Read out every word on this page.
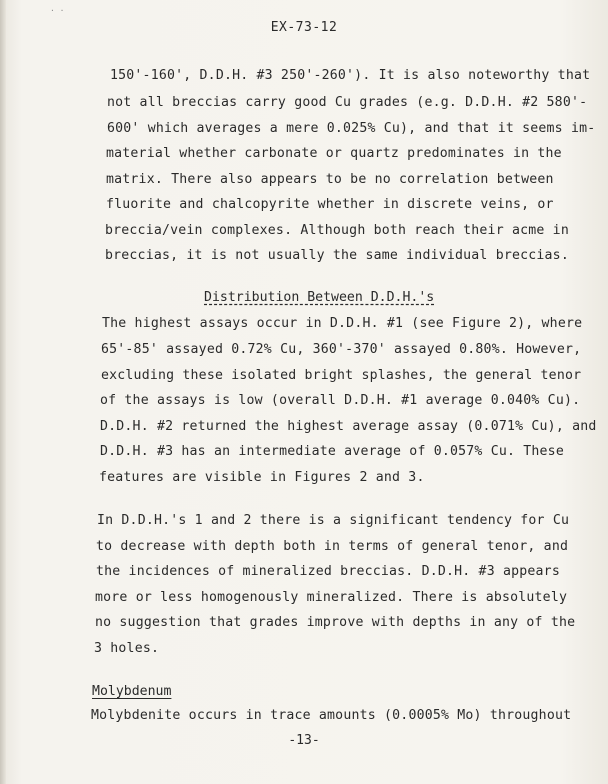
· ·
EX-73-12
150'-160', D.D.H. #3 250'-260'). It is also noteworthy that
not all breccias carry good Cu grades (e.g. D.D.H. #2 580'-
600' which averages a mere 0.025% Cu), and that it seems im-
material whether carbonate or quartz predominates in the
matrix. There also appears to be no correlation between
fluorite and chalcopyrite whether in discrete veins, or
breccia/vein complexes. Although both reach their acme in
breccias, it is not usually the same individual breccias.
Distribution Between D.D.H.'s
The highest assays occur in D.D.H. #1 (see Figure 2), where
65'-85' assayed 0.72% Cu, 360'-370' assayed 0.80%. However,
excluding these isolated bright splashes, the general tenor
of the assays is low (overall D.D.H. #1 average 0.040% Cu).
D.D.H. #2 returned the highest average assay (0.071% Cu), and
D.D.H. #3 has an intermediate average of 0.057% Cu. These
features are visible in Figures 2 and 3.
In D.D.H.'s 1 and 2 there is a significant tendency for Cu
to decrease with depth both in terms of general tenor, and
the incidences of mineralized breccias. D.D.H. #3 appears
more or less homogenously mineralized. There is absolutely
no suggestion that grades improve with depths in any of the
3 holes.
Molybdenum
Molybdenite occurs in trace amounts (0.0005% Mo) throughout
-13-
